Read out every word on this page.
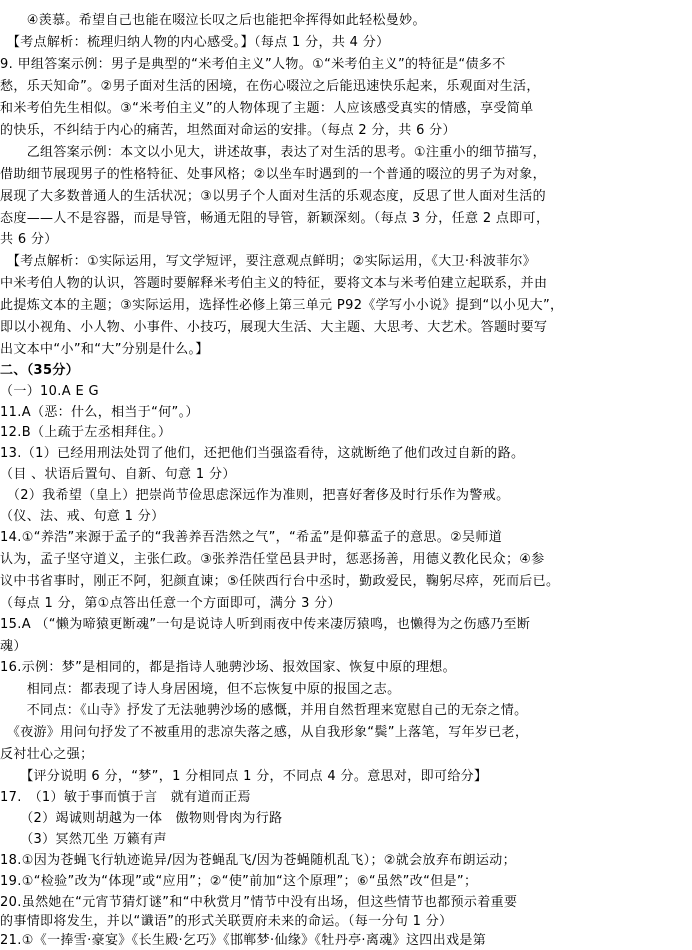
　　④羡慕。希望自己也能在啜泣长叹之后也能把伞挥得如此轻松曼妙。
　【考点解析：梳理归纳人物的内心感受。】（每点 1 分，共 4 分）
9. 甲组答案示例：男子是典型的“米考伯主义”人物。①“米考伯主义”的特征是“债多不
愁，乐天知命”。②男子面对生活的困境，在伤心啜泣之后能迅速快乐起来，乐观面对生活，
和米考伯先生相似。③“米考伯主义”的人物体现了主题：人应该感受真实的情感，享受简单
的快乐，不纠结于内心的痛苦，坦然面对命运的安排。（每点 2 分，共 6 分）
　　乙组答案示例：本文以小见大，讲述故事，表达了对生活的思考。①注重小的细节描写，
借助细节展现男子的性格特征、处事风格；②以坐车时遇到的一个普通的啜泣的男子为对象，
展现了大多数普通人的生活状况；③以男子个人面对生活的乐观态度，反思了世人面对生活的
态度——人不是容器，而是导管，畅通无阻的导管，新颖深刻。（每点 3 分，任意 2 点即可，
共 6 分）
　【考点解析：①实际运用，写文学短评，要注意观点鲜明；②实际运用，《大卫·科波菲尔》
中米考伯人物的认识，答题时要解释米考伯主义的特征，要将文本与米考伯建立起联系，并由
此提炼文本的主题；③实际运用，选择性必修上第三单元 P92《学写小小说》提到“以小见大”，
即以小视角、小人物、小事件、小技巧，展现大生活、大主题、大思考、大艺术。答题时要写
出文本中“小”和“大”分别是什么。】
二、（35分）
（一）10.A E G
11.A（恶：什么，相当于“何”。）
12.B（上疏于左丞相拜住。）
13.（1）已经用刑法处罚了他们，还把他们当强盗看待，这就断绝了他们改过自新的路。
（目 、状语后置句、自新、句意 1 分）
　（2）我希望（皇上）把崇尚节俭思虑深远作为准则，把喜好奢侈及时行乐作为警戒。
（仪、法、戒、句意 1 分）
14.①“养浩”来源于孟子的“我善养吾浩然之气”，“希孟”是仰慕孟子的意思。②吴师道
认为，孟子坚守道义，主张仁政。③张养浩任堂邑县尹时，惩恶扬善，用德义教化民众；④参
议中书省事时，刚正不阿，犯颜直谏；⑤任陕西行台中丞时，勤政爱民，鞠躬尽瘁，死而后已。
（每点 1 分，第①点答出任意一个方面即可，满分 3 分）
15.A （“懒为啼猿更断魂”一句是说诗人听到雨夜中传来凄厉猿鸣，也懒得为之伤感乃至断
魂）
16.示例：梦”是相同的，都是指诗人驰骋沙场、报效国家、恢复中原的理想。
　　相同点：都表现了诗人身居困境，但不忘恢复中原的报国之志。
　　不同点：《山寺》抒发了无法驰骋沙场的感慨，并用自然哲理来宽慰自己的无奈之情。
　《夜游》用问句抒发了不被重用的悲凉失落之感，从自我形象“鬓”上落笔，写年岁已老，
反衬壮心之强；
　　【评分说明 6 分，“梦”，1 分相同点 1 分，不同点 4 分。意思对，即可给分】
17.　（1）敏于事而慎于言　就有道而正焉
　　（2）竭诚则胡越为一体　傲物则骨肉为行路
　　（3）冥然兀坐 万籁有声
18.①因为苍蝇飞行轨迹诡异/因为苍蝇乱飞/因为苍蝇随机乱飞）；②就会放弃布朗运动；
19.①“检验”改为“体现”或“应用”；②“使”前加“这个原理”；⑥“虽然”改“但是”；
20.虽然她在“元宵节猜灯谜”和“中秋赏月”情节中没有出场，但这些情节也都预示着重要
的事情即将发生，并以“谶语”的形式关联贾府未来的命运。（每一分句 1 分）
21.①《一捧雪·豪宴》《长生殿·乞巧》《邯郸梦·仙缘》《牡丹亭·离魂》这四出戏是第
